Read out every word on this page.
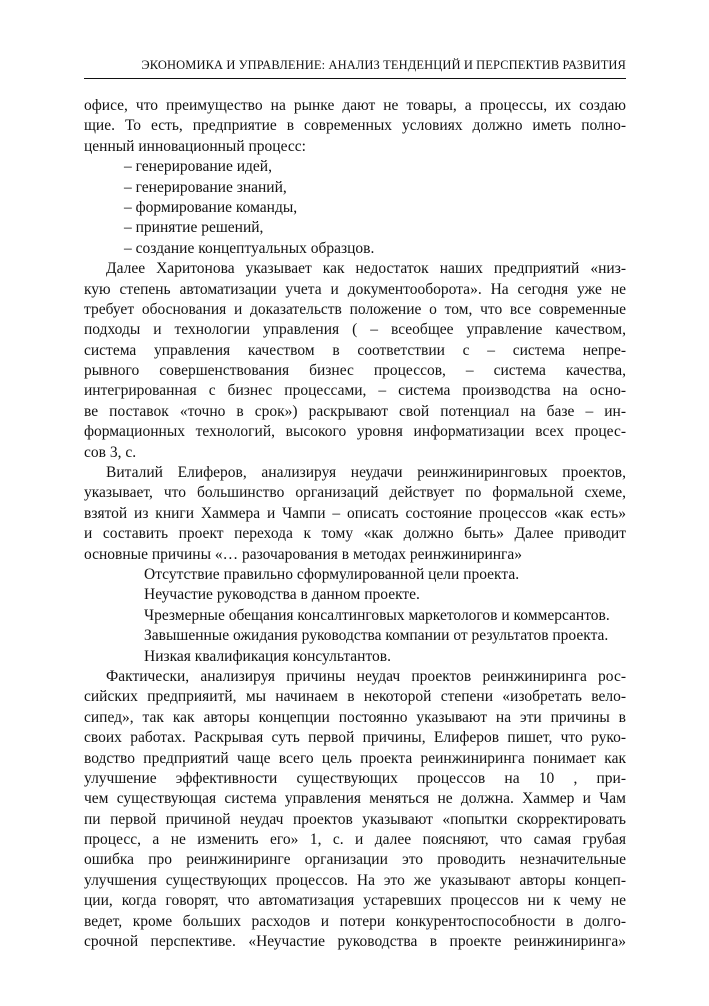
ЭКОНОМИКА И УПРАВЛЕНИЕ: АНАЛИЗ ТЕНДЕНЦИЙ И ПЕРСПЕКТИВ РАЗВИТИЯ
офисе, что преимущество на рынке дают не товары, а процессы, их создаю
щие. То есть, предприятие в современных условиях должно иметь полно-
ценный инновационный процесс:
– генерирование идей,
– генерирование знаний,
– формирование команды,
– принятие решений,
– создание концептуальных образцов.
Далее Харитонова указывает как недостаток наших предприятий «низ-
кую степень автоматизации учета и документооборота». На сегодня уже не
требует обоснования и доказательств положение о том, что все современные
подходы и технологии управления ( – всеобщее управление качеством,
система управления качеством в соответствии с – система непре-
рывного совершенствования бизнес процессов, – система качества,
интегрированная с бизнес процессами, – система производства на осно-
ве поставок «точно в срок») раскрывают свой потенциал на базе – ин-
формационных технологий, высокого уровня информатизации всех процес-
сов 3, с.
Виталий Елиферов, анализируя неудачи реинжиниринговых проектов,
указывает, что большинство организаций действует по формальной схеме,
взятой из книги Хаммера и Чампи – описать состояние процессов «как есть»
и составить проект перехода к тому «как должно быть» Далее приводит
основные причины «… разочарования в методах реинжиниринга»
Отсутствие правильно сформулированной цели проекта.
Неучастие руководства в данном проекте.
Чрезмерные обещания консалтинговых маркетологов и коммерсантов.
Завышенные ожидания руководства компании от результатов проекта.
Низкая квалификация консультантов.
Фактически, анализируя причины неудач проектов реинжиниринга рос-
сийских предприяитй, мы начинаем в некоторой степени «изобретать вело-
сипед», так как авторы концепции постоянно указывают на эти причины в
своих работах. Раскрывая суть первой причины, Елиферов пишет, что руко-
водство предприятий чаще всего цель проекта реинжиниринга понимает как
улучшение эффективности существующих процессов на 10 , при-
чем существующая система управления меняться не должна. Хаммер и Чам
пи первой причиной неудач проектов указывают «попытки скорректировать
процесс, а не изменить его» 1, с. и далее поясняют, что самая грубая
ошибка про реинжиниринге организации это проводить незначительные
улучшения существующих процессов. На это же указывают авторы концеп-
ции, когда говорят, что автоматизация устаревших процессов ни к чему не
ведет, кроме больших расходов и потери конкурентоспособности в долго-
срочной перспективе. «Неучастие руководства в проекте реинжиниринга»
